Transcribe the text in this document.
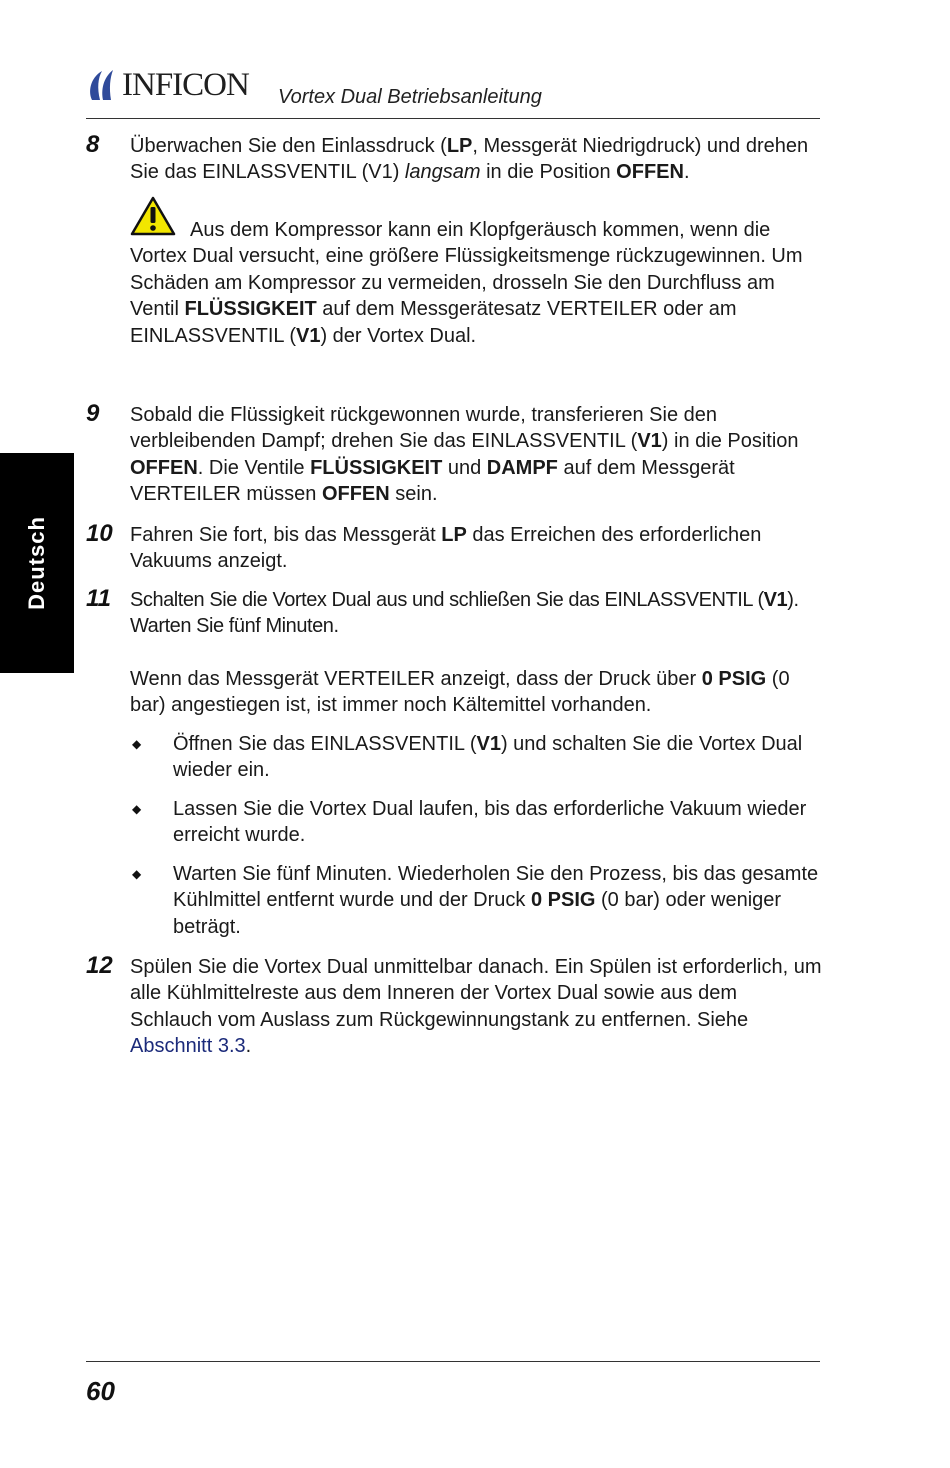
INFICON Vortex Dual Betriebsanleitung
Deutsch
8 Überwachen Sie den Einlassdruck (LP, Messgerät Niedrigdruck) und drehen Sie das EINLASSVENTIL (V1) langsam in die Position OFFEN.
Aus dem Kompressor kann ein Klopfgeräusch kommen, wenn die Vortex Dual versucht, eine größere Flüssigkeitsmenge rückzugewinnen. Um Schäden am Kompressor zu vermeiden, drosseln Sie den Durchfluss am Ventil FLÜSSIGKEIT auf dem Messgerätesatz VERTEILER oder am EINLASSVENTIL (V1) der Vortex Dual.
9 Sobald die Flüssigkeit rückgewonnen wurde, transferieren Sie den verbleibenden Dampf; drehen Sie das EINLASSVENTIL (V1) in die Position OFFEN. Die Ventile FLÜSSIGKEIT und DAMPF auf dem Messgerät VERTEILER müssen OFFEN sein.
10 Fahren Sie fort, bis das Messgerät LP das Erreichen des erforderlichen Vakuums anzeigt.
11 Schalten Sie die Vortex Dual aus und schließen Sie das EINLASSVENTIL (V1). Warten Sie fünf Minuten.
Wenn das Messgerät VERTEILER anzeigt, dass der Druck über 0 PSIG (0 bar) angestiegen ist, ist immer noch Kältemittel vorhanden.
◆ Öffnen Sie das EINLASSVENTIL (V1) und schalten Sie die Vortex Dual wieder ein.
◆ Lassen Sie die Vortex Dual laufen, bis das erforderliche Vakuum wieder erreicht wurde.
◆ Warten Sie fünf Minuten. Wiederholen Sie den Prozess, bis das gesamte Kühlmittel entfernt wurde und der Druck 0 PSIG (0 bar) oder weniger beträgt.
12 Spülen Sie die Vortex Dual unmittelbar danach. Ein Spülen ist erforderlich, um alle Kühlmittelreste aus dem Inneren der Vortex Dual sowie aus dem Schlauch vom Auslass zum Rückgewinnungstank zu entfernen. Siehe Abschnitt 3.3.
60
